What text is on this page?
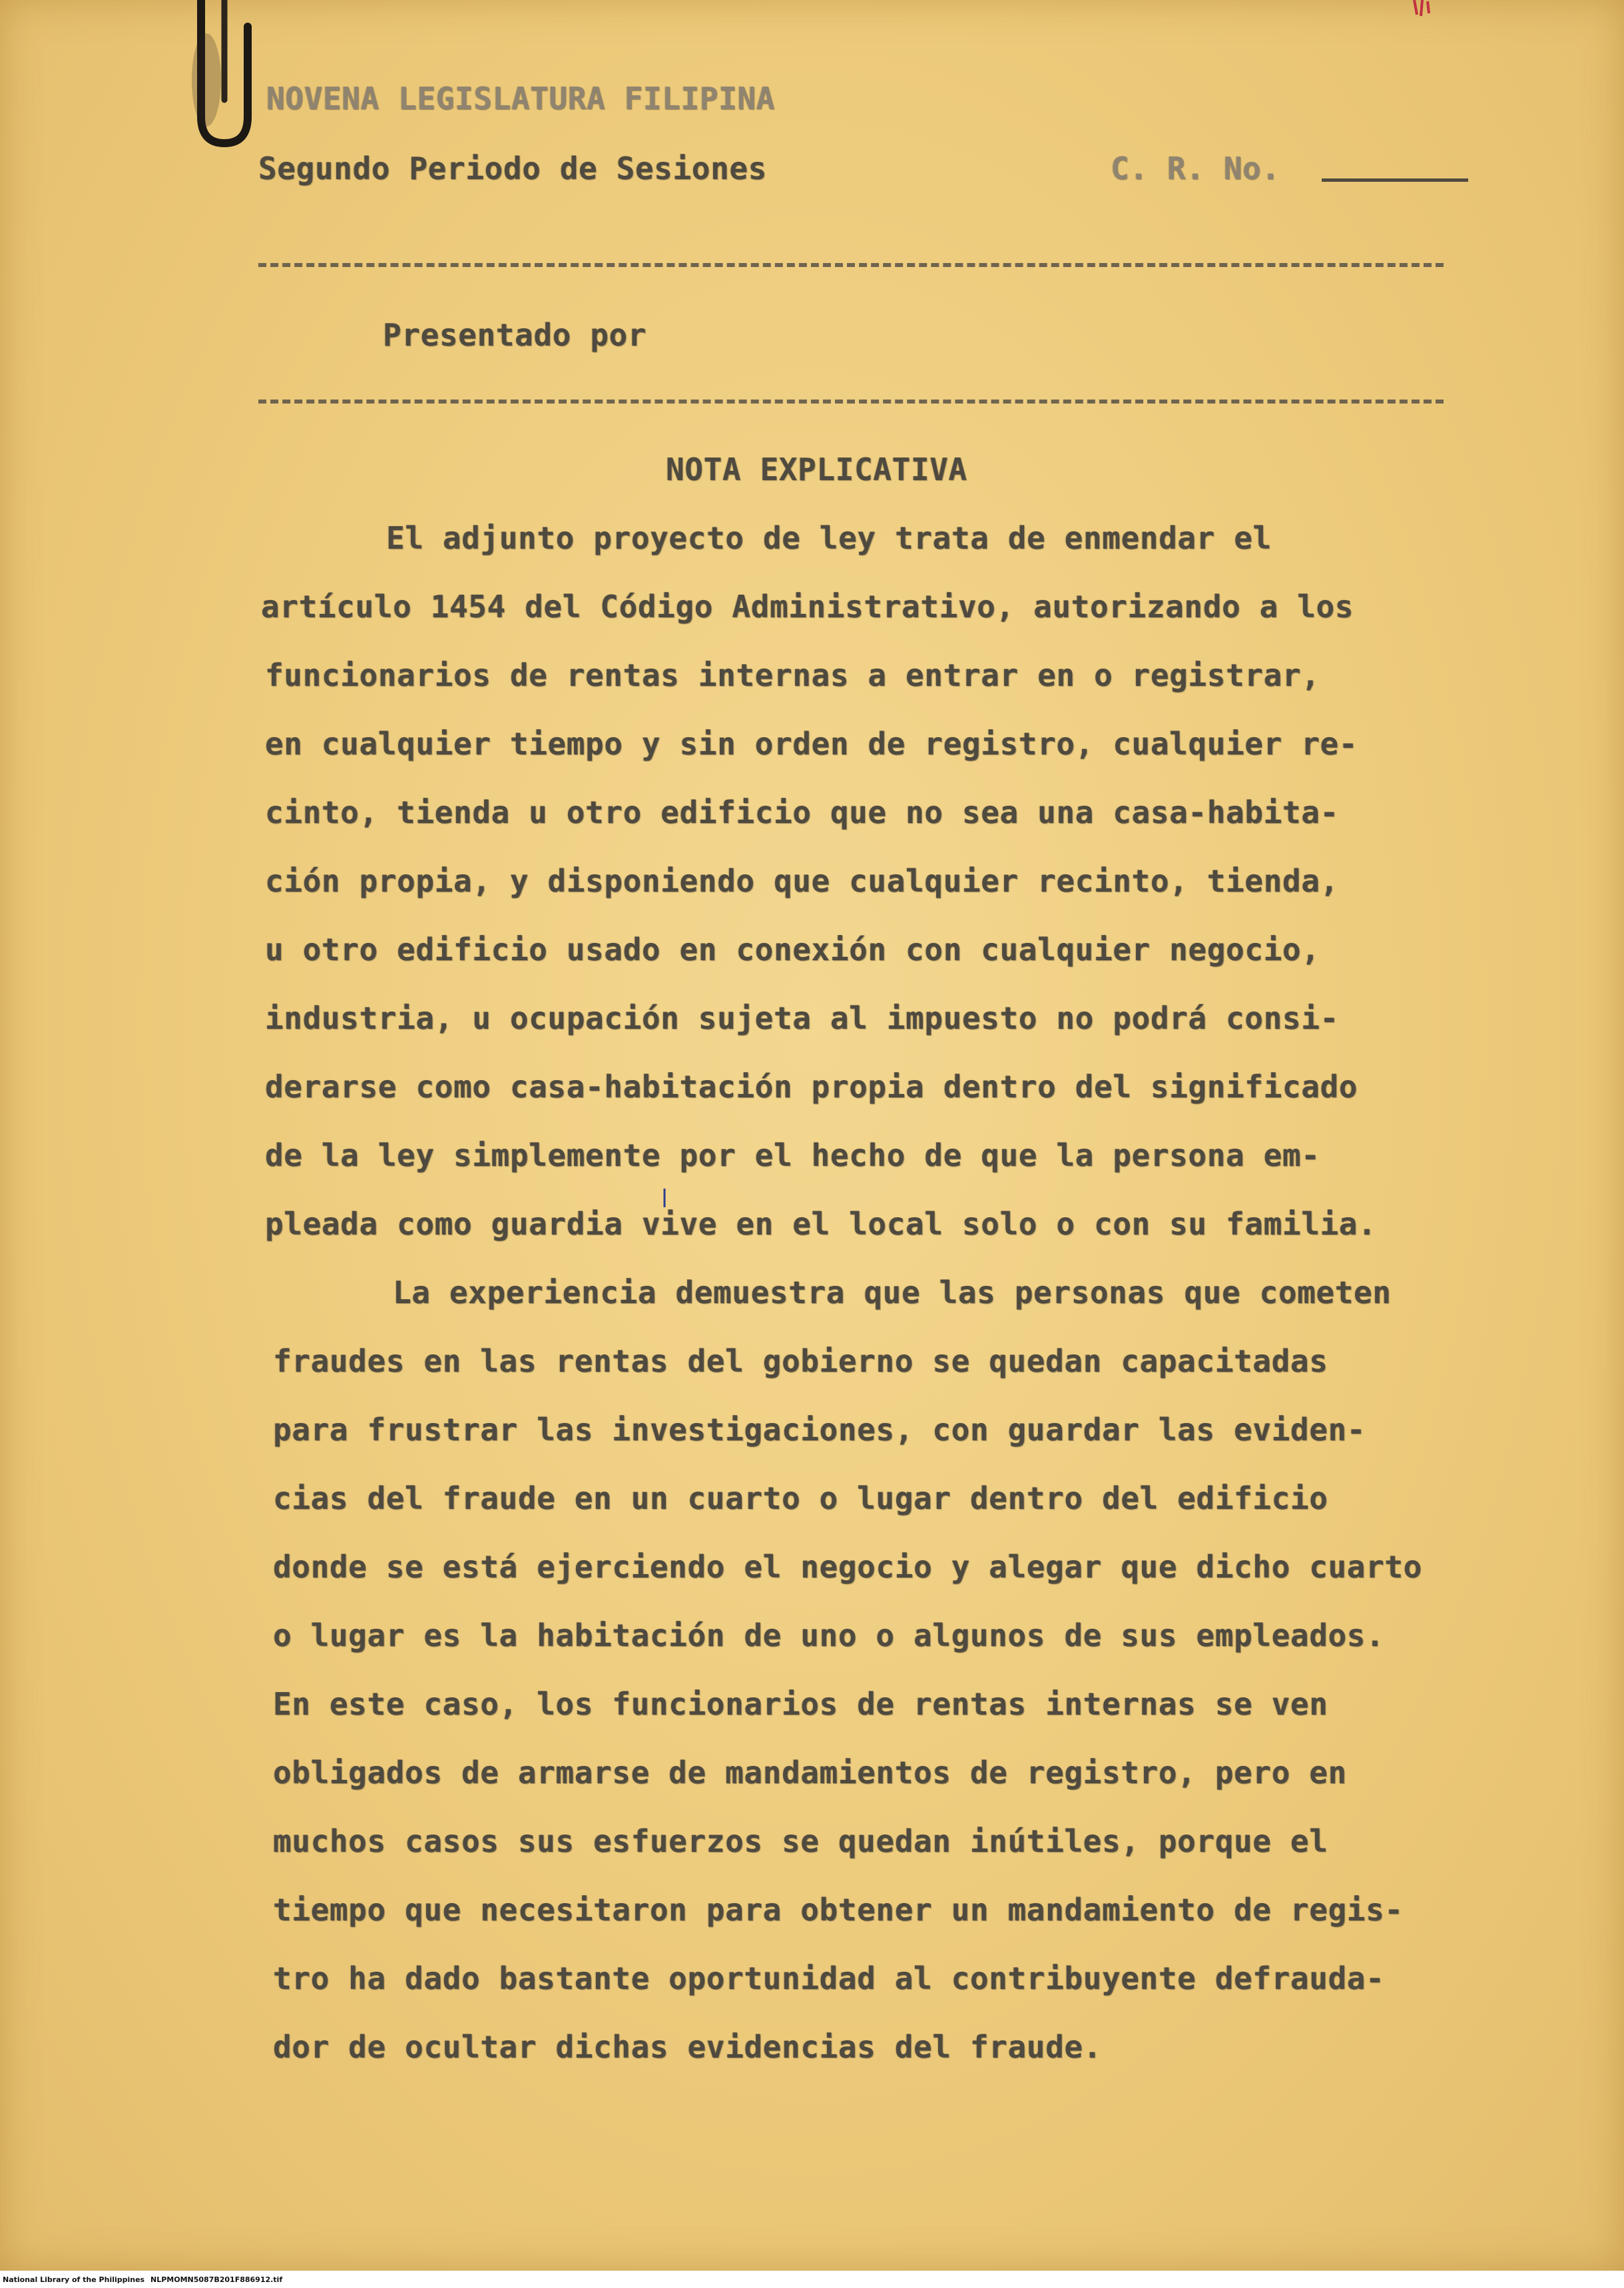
NOVENA LEGISLATURA FILIPINA

Segundo Periodo de Sesiones	C. R. No.

Presentado por

NOTA EXPLICATIVA

El adjunto proyecto de ley trata de enmendar el

artículo 1454 del Código Administrativo, autorizando a los

funcionarios de rentas internas a entrar en o registrar,

en cualquier tiempo y sin orden de registro, cualquier re-

cinto, tienda u otro edificio que no sea una casa-habita-

ción propia, y disponiendo que cualquier recinto, tienda,

u otro edificio usado en conexión con cualquier negocio,

industria, u ocupación sujeta al impuesto no podrá consi-

derarse como casa-habitación propia dentro del significado

de la ley simplemente por el hecho de que la persona em-

pleada como guardia vive en el local solo o con su familia.

La experiencia demuestra que las personas que cometen

fraudes en las rentas del gobierno se quedan capacitadas

para frustrar las investigaciones, con guardar las eviden-

cias del fraude en un cuarto o lugar dentro del edificio

donde se está ejerciendo el negocio y alegar que dicho cuarto

o lugar es la habitación de uno o algunos de sus empleados.

En este caso, los funcionarios de rentas internas se ven

obligados de armarse de mandamientos de registro, pero en

muchos casos sus esfuerzos se quedan inútiles, porque el

tiempo que necesitaron para obtener un mandamiento de regis-

tro ha dado bastante oportunidad al contribuyente defrauda-

dor de ocultar dichas evidencias del fraude.

National Library of the Philippines NLPMOMN5087B201F886912.tif
